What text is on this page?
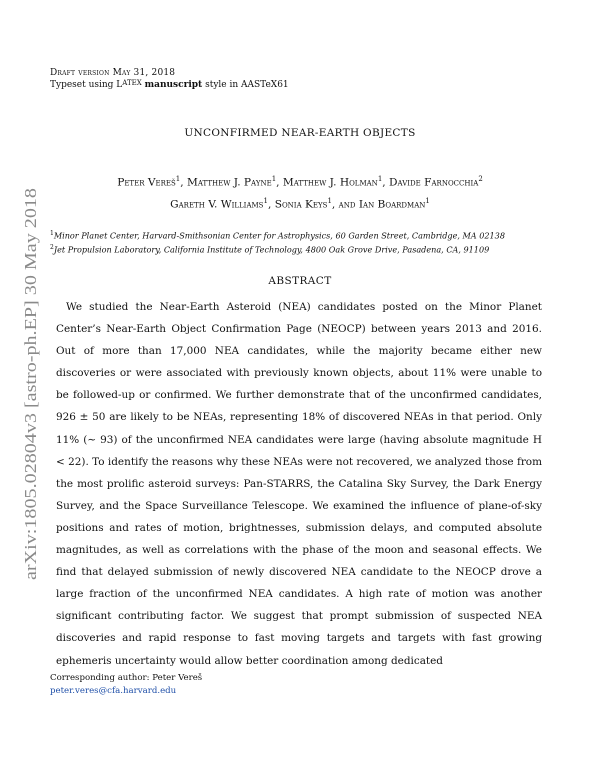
arXiv:1805.02804v3 [astro-ph.EP] 30 May 2018
Draft version May 31, 2018
Typeset using $L^{ATEX}$ manuscript style in AASTeX61
UNCONFIRMED NEAR-EARTH OBJECTS
Peter Vereš$^1$, Matthew J. Payne$^1$, Matthew J. Holman$^1$, Davide Farnocchia$^2$
Gareth V. Williams$^1$, Sonia Keys$^1$, and Ian Boardman$^1$
$^1$Minor Planet Center, Harvard-Smithsonian Center for Astrophysics, 60 Garden Street, Cambridge, MA 02138
$^2$Jet Propulsion Laboratory, California Institute of Technology, 4800 Oak Grove Drive, Pasadena, CA, 91109
ABSTRACT
We studied the Near-Earth Asteroid (NEA) candidates posted on the Minor Planet Center’s Near-Earth Object Confirmation Page (NEOCP) between years 2013 and 2016. Out of more than 17,000 NEA candidates, while the majority became either new discoveries or were associated with previously known objects, about 11% were unable to be followed-up or confirmed. We further demonstrate that of the unconfirmed candidates, 926 ± 50 are likely to be NEAs, representing 18% of discovered NEAs in that period. Only 11% (∼ 93) of the unconfirmed NEA candidates were large (having absolute magnitude H < 22). To identify the reasons why these NEAs were not recovered, we analyzed those from the most prolific asteroid surveys: Pan-STARRS, the Catalina Sky Survey, the Dark Energy Survey, and the Space Surveillance Telescope. We examined the influence of plane-of-sky positions and rates of motion, brightnesses, submission delays, and computed absolute magnitudes, as well as correlations with the phase of the moon and seasonal effects. We find that delayed submission of newly discovered NEA candidate to the NEOCP drove a large fraction of the unconfirmed NEA candidates. A high rate of motion was another significant contributing factor. We suggest that prompt submission of suspected NEA discoveries and rapid response to fast moving targets and targets with fast growing ephemeris uncertainty would allow better coordination among dedicated
Corresponding author: Peter Vereš
peter.veres@cfa.harvard.edu
